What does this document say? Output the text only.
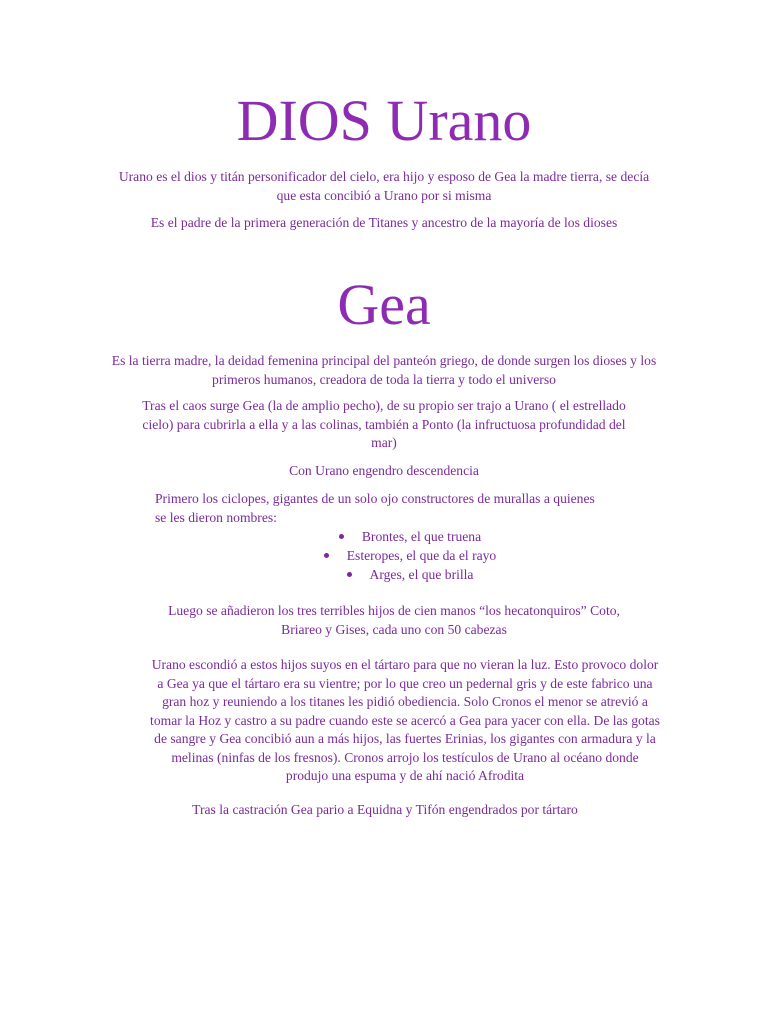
DIOS Urano

Urano es el dios y titán personificador del cielo, era hijo y esposo de Gea la madre tierra, se decía que esta concibió a Urano por si misma

Es el padre de la primera generación de Titanes y ancestro de la mayoría de los dioses

Gea

Es la tierra madre, la deidad femenina principal del panteón griego, de donde surgen los dioses y los primeros humanos, creadora de toda la tierra y todo el universo

Tras el caos surge Gea (la de amplio pecho), de su propio ser trajo a Urano ( el estrellado cielo) para cubrirla a ella y a las colinas, también a Ponto (la infructuosa profundidad del mar)

Con Urano engendro descendencia

Primero los ciclopes, gigantes de un solo ojo constructores de murallas a quienes
se les dieron nombres:

Brontes, el que truena
Esteropes, el que da el rayo
Arges, el que brilla

Luego se añadieron los tres terribles hijos de cien manos “los hecatonquiros” Coto, Briareo y Gises, cada uno con 50 cabezas

Urano escondió a estos hijos suyos en el tártaro para que no vieran la luz. Esto provoco dolor a Gea ya que el tártaro era su vientre; por lo que creo un pedernal gris y de este fabrico una gran hoz y reuniendo a los titanes les pidió obediencia. Solo Cronos el menor se atrevió a tomar la Hoz y castro a su padre cuando este se acercó a Gea para yacer con ella. De las gotas de sangre y Gea concibió aun a más hijos, las fuertes Erinias, los gigantes con armadura y la melinas (ninfas de los fresnos). Cronos arrojo los testículos de Urano al océano donde produjo una espuma y de ahí nació Afrodita

Tras la castración Gea pario a Equidna y Tifón engendrados por tártaro
